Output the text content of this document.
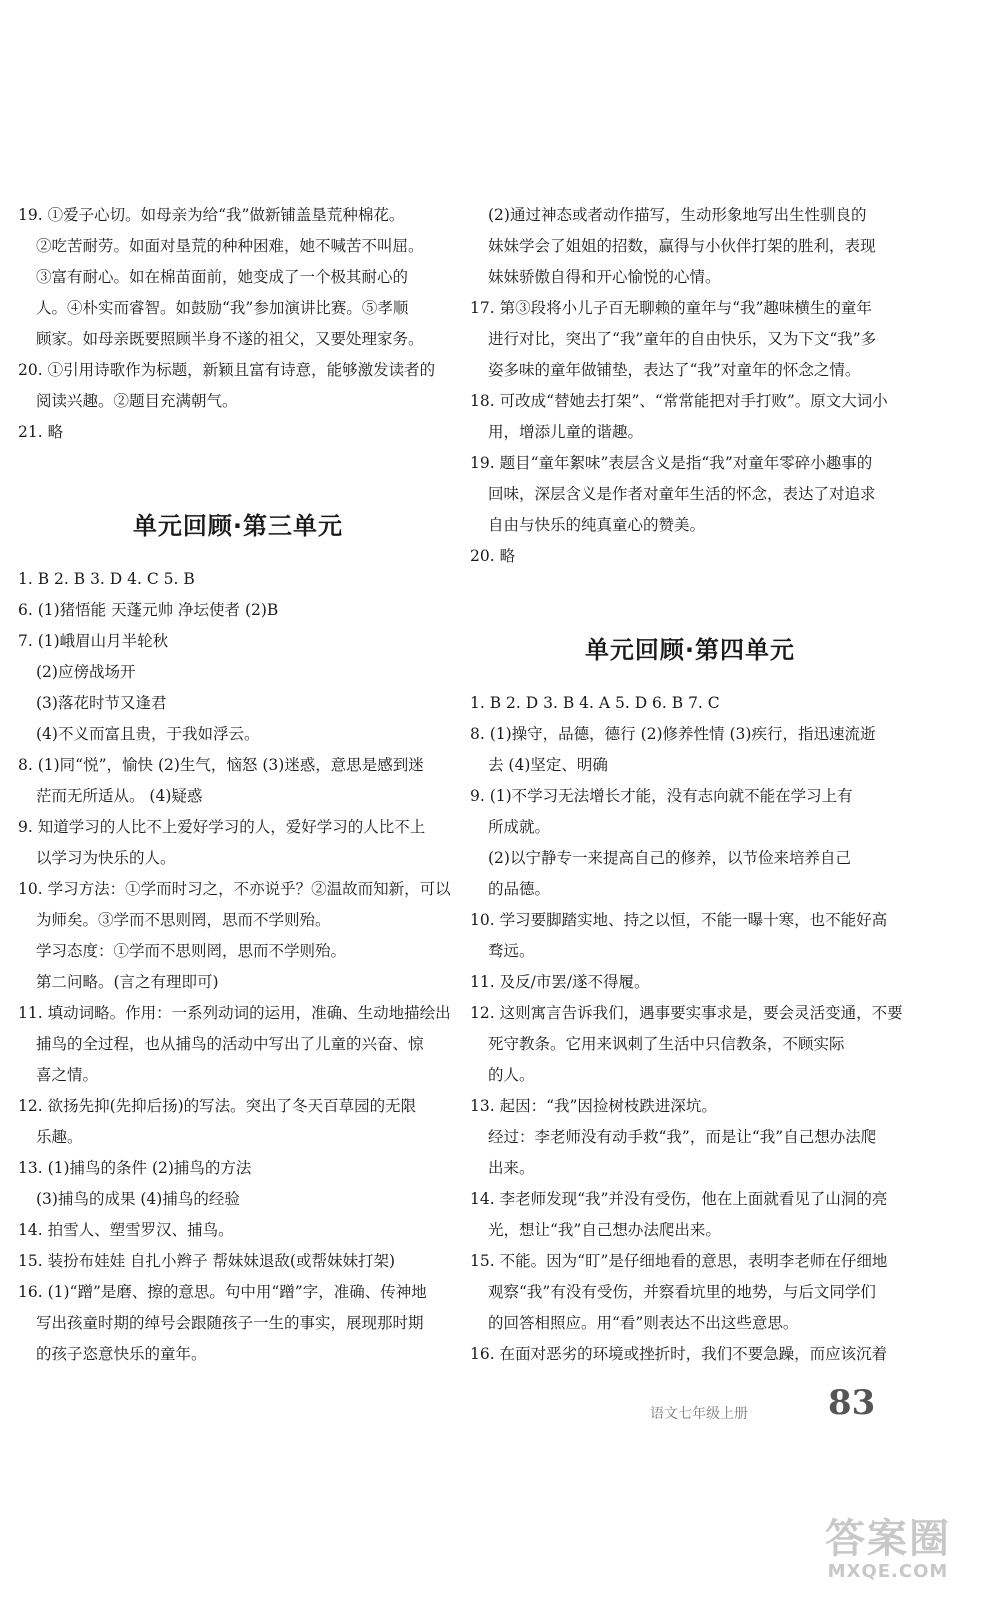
19. ①爱子心切。如母亲为给“我”做新铺盖垦荒种棉花。
②吃苦耐劳。如面对垦荒的种种困难，她不喊苦不叫屈。
③富有耐心。如在棉苗面前，她变成了一个极其耐心的
人。④朴实而睿智。如鼓励“我”参加演讲比赛。⑤孝顺
顾家。如母亲既要照顾半身不遂的祖父，又要处理家务。
20. ①引用诗歌作为标题，新颖且富有诗意，能够激发读者的
阅读兴趣。②题目充满朝气。
21. 略
单元回顾·第三单元
1. B 2. B 3. D 4. C 5. B
6. (1)猪悟能 天蓬元帅 净坛使者 (2)B
7. (1)峨眉山月半轮秋
(2)应傍战场开
(3)落花时节又逢君
(4)不义而富且贵，于我如浮云。
8. (1)同“悦”，愉快 (2)生气，恼怒 (3)迷惑，意思是感到迷
茫而无所适从。 (4)疑惑
9. 知道学习的人比不上爱好学习的人，爱好学习的人比不上
以学习为快乐的人。
10. 学习方法：①学而时习之，不亦说乎？②温故而知新，可以
为师矣。③学而不思则罔，思而不学则殆。
学习态度：①学而不思则罔，思而不学则殆。
第二问略。(言之有理即可)
11. 填动词略。作用：一系列动词的运用，准确、生动地描绘出
捕鸟的全过程，也从捕鸟的活动中写出了儿童的兴奋、惊
喜之情。
12. 欲扬先抑(先抑后扬)的写法。突出了冬天百草园的无限
乐趣。
13. (1)捕鸟的条件 (2)捕鸟的方法
(3)捕鸟的成果 (4)捕鸟的经验
14. 拍雪人、塑雪罗汉、捕鸟。
15. 装扮布娃娃 自扎小辫子 帮妹妹退敌(或帮妹妹打架)
16. (1)“蹭”是磨、擦的意思。句中用“蹭”字，准确、传神地
写出孩童时期的绰号会跟随孩子一生的事实，展现那时期
的孩子恣意快乐的童年。
(2)通过神态或者动作描写，生动形象地写出生性驯良的
妹妹学会了姐姐的招数，赢得与小伙伴打架的胜利，表现
妹妹骄傲自得和开心愉悦的心情。
17. 第③段将小儿子百无聊赖的童年与“我”趣味横生的童年
进行对比，突出了“我”童年的自由快乐，又为下文“我”多
姿多味的童年做铺垫，表达了“我”对童年的怀念之情。
18. 可改成“替她去打架”、“常常能把对手打败”。原文大词小
用，增添儿童的谐趣。
19. 题目“童年絮味”表层含义是指“我”对童年零碎小趣事的
回味，深层含义是作者对童年生活的怀念，表达了对追求
自由与快乐的纯真童心的赞美。
20. 略
单元回顾·第四单元
1. B 2. D 3. B 4. A 5. D 6. B 7. C
8. (1)操守，品德，德行 (2)修养性情 (3)疾行，指迅速流逝
去 (4)坚定、明确
9. (1)不学习无法增长才能，没有志向就不能在学习上有
所成就。
(2)以宁静专一来提高自己的修养，以节俭来培养自己
的品德。
10. 学习要脚踏实地、持之以恒，不能一曝十寒，也不能好高
骛远。
11. 及反/市罢/遂不得履。
12. 这则寓言告诉我们，遇事要实事求是，要会灵活变通，不要
死守教条。它用来讽刺了生活中只信教条，不顾实际
的人。
13. 起因：“我”因捡树枝跌进深坑。
经过：李老师没有动手救“我”，而是让“我”自己想办法爬
出来。
14. 李老师发现“我”并没有受伤，他在上面就看见了山洞的亮
光，想让“我”自己想办法爬出来。
15. 不能。因为“盯”是仔细地看的意思，表明李老师在仔细地
观察“我”有没有受伤，并察看坑里的地势，与后文同学们
的回答相照应。用“看”则表达不出这些意思。
16. 在面对恶劣的环境或挫折时，我们不要急躁，而应该沉着
语文七年级上册 83
答案圈
MXQE.COM
